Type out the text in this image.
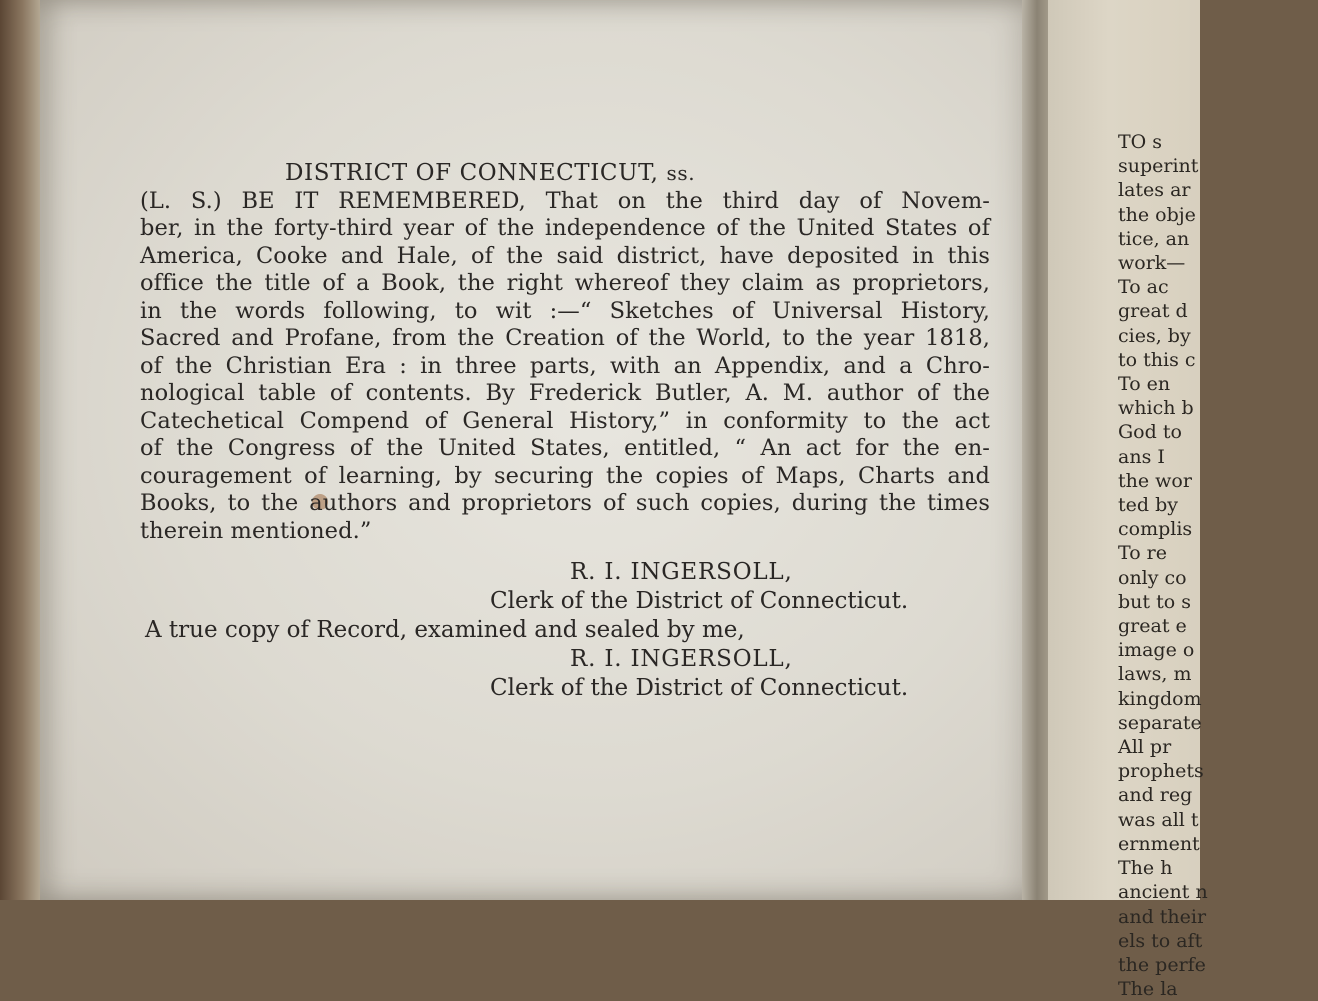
TO s
superint
lates ar
the obje
tice, an
work—
To ac
great d
cies, by
to this c
To en
which b
God to
ans I
the wor
ted by
complis
To re
only co
but to s
great e
image o
laws, m
kingdom
separate
All pr
prophets
and reg
was all t
ernment
The h
ancient n
and their
els to aft
the perfe
The la
DISTRICT OF CONNECTICUT, ss.
(L. S.) BE IT REMEMBERED, That on the third day of Novem-
ber, in the forty-third year of the independence of the United States of
America, Cooke and Hale, of the said district, have deposited in this
office the title of a Book, the right whereof they claim as proprietors,
in the words following, to wit :—“ Sketches of Universal History,
Sacred and Profane, from the Creation of the World, to the year 1818,
of the Christian Era : in three parts, with an Appendix, and a Chro-
nological table of contents. By Frederick Butler, A. M. author of the
Catechetical Compend of General History,” in conformity to the act
of the Congress of the United States, entitled, “ An act for the en-
couragement of learning, by securing the copies of Maps, Charts and
Books, to the authors and proprietors of such copies, during the times
therein mentioned.”
R. I. INGERSOLL,
Clerk of the District of Connecticut.
A true copy of Record, examined and sealed by me,
R. I. INGERSOLL,
Clerk of the District of Connecticut.
